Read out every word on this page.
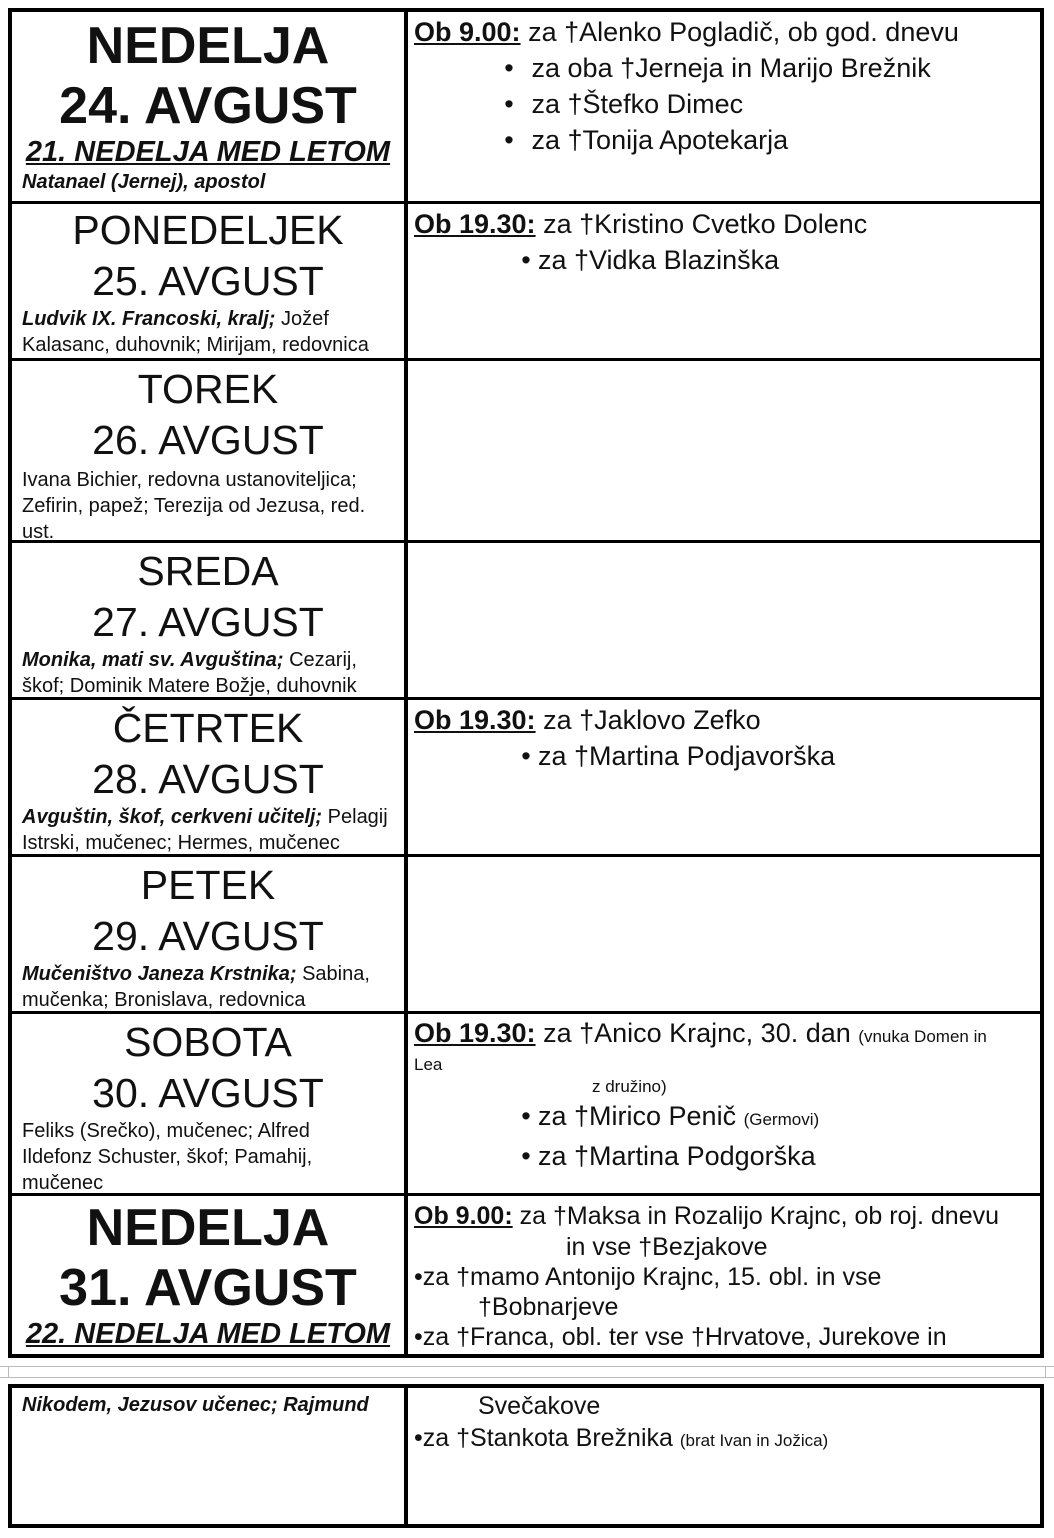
NEDELJA
24. AVGUST
21. NEDELJA MED LETOM
Natanael (Jernej), apostol
Ob 9.00: za †Alenko Pogladič, ob god. dnevu
• za oba †Jerneja in Marijo Brežnik
• za †Štefko Dimec
• za †Tonija Apotekarja
PONEDELJEK
25. AVGUST
Ludvik IX. Francoski, kralj; Jožef Kalasanc, duhovnik; Mirijam, redovnica
Ob 19.30: za †Kristino Cvetko Dolenc
• za †Vidka Blazinška
TOREK
26. AVGUST
Ivana Bichier, redovna ustanoviteljica; Zefirin, papež; Terezija od Jezusa, red. ust.
SREDA
27. AVGUST
Monika, mati sv. Avguština; Cezarij, škof; Dominik Matere Božje, duhovnik
ČETRTEK
28. AVGUST
Avguštin, škof, cerkveni učitelj; Pelagij Istrski, mučenec; Hermes, mučenec
Ob 19.30: za †Jaklovo Zefko
• za †Martina Podjavorška
PETEK
29. AVGUST
Mučeništvo Janeza Krstnika; Sabina, mučenka; Bronislava, redovnica
SOBOTA
30. AVGUST
Feliks (Srečko), mučenec; Alfred Ildefonz Schuster, škof; Pamahij, mučenec
Ob 19.30: za †Anico Krajnc, 30. dan (vnuka Domen in
Lea
z družino)
• za †Mirico Penič (Germovi)
• za †Martina Podgorška
NEDELJA
31. AVGUST
22. NEDELJA MED LETOM
Ob 9.00: za †Maksa in Rozalijo Krajnc, ob roj. dnevu
in vse †Bezjakove
•za †mamo Antonijo Krajnc, 15. obl. in vse
†Bobnarjeve
•za †Franca, obl. ter vse †Hrvatove, Jurekove in
Nikodem, Jezusov učenec; Rajmund	Svečakove
•za †Stankota Brežnika (brat Ivan in Jožica)
